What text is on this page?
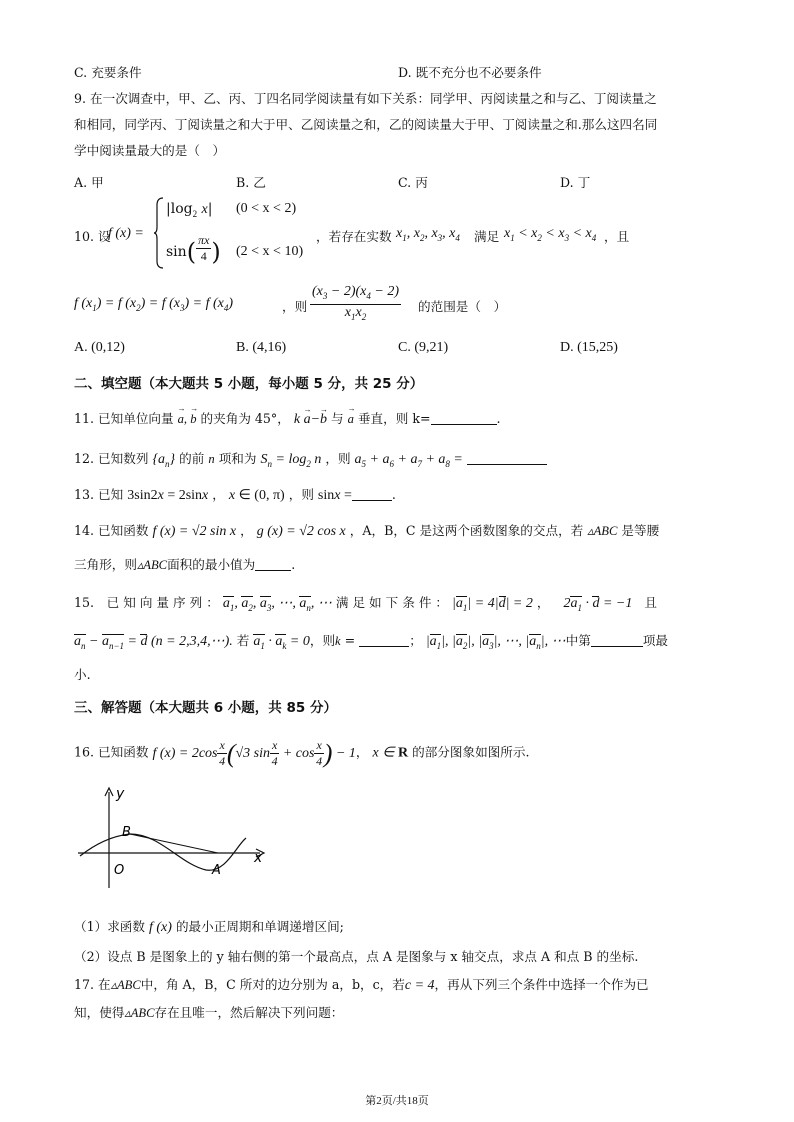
C. 充要条件	D. 既不充分也不必要条件
9. 在一次调查中，甲、乙、丙、丁四名同学阅读量有如下关系：同学甲、丙阅读量之和与乙、丁阅读量之
和相同，同学丙、丁阅读量之和大于甲、乙阅读量之和，乙的阅读量大于甲、丁阅读量之和.那么这四名同
学中阅读量最大的是（　）
A. 甲	B. 乙	C. 丙	D. 丁
10. 设
f (x) =
$|\log_2$ x| (0 < x < 2)
$\sin( \frac{\pi x}{4}$ ) (2 < x < 10)
，若存在实数 $x_1$, $x_2$, $x_3$, $x_4$ 满足 $x_1 < x_2 < x_3 < x_4$ ，且
f $(x_1) = f$ $(x_2) = f$ $(x_3) = f$ $(x_4)$	，则 $\frac{(x_3 - 2)(x_4 - 2)}{x_1x_2}$ 的范围是（　）
A. (0,12)	B. (4,16)	C. (9,21)	D. (15,25)
二、填空题（本大题共 5 小题，每小题 5 分，共 25 分）
11. 已知单位向量 a →, b → 的夹角为 45°， k a →−b → 与 a → 垂直，则 k=	.
12. 已知数列 $\{a_n\}$ 的前 n 项和为 $S_n = \log_2 n$ ，则 $a_5 + a_6 + a_7 + a_8$ =
13. 已知 3sin2x = 2sinx ， x ∈ (0, π) ，则 sinx =	.
14. 已知函数 f (x) = √2 sin x ， g (x) = √2 cos x ，A，B，C 是这两个函数图象的交点，若 ▵ABC 是等腰
三角形，则▵ABC面积的最小值为	.
15.　已 知 向 量 序 列 ： $a_1$, $a_2$, $a_3$, ⋯, $a_n$, ⋯ 满 足 如 下 条 件 ： $|a_1| = 4|d| = 2$ ， $2a_1 \cdot d = -1$ 且
$a_n - a_{n-1} = d$ (n = 2,3,4,⋯). 若 $a_1 \cdot a_k = 0$，则k =	； $|a_1|$, $|a_2|$, $|a_3|$, ⋯, $|a_n|$, ⋯中第	项最
小.
三、解答题（本大题共 6 小题，共 85 分）
16. 已知函数 f $(x) = 2\cos \frac{x}{4} (√3$ $\sin \frac{x}{4} + \cos \frac{x}{4}$ ) − 1， x ∈ R 的部分图象如图所示.
y
x
O	A
B
（1）求函数 f (x) 的最小正周期和单调递增区间;
（2）设点 B 是图象上的 y 轴右侧的第一个最高点，点 A 是图象与 x 轴交点，求点 A 和点 B 的坐标.
17. 在▵ABC中，角 A，B，C 所对的边分别为 a，b，c，若c = 4，再从下列三个条件中选择一个作为已
知，使得▵ABC存在且唯一，然后解决下列问题：
第2页/共18页
